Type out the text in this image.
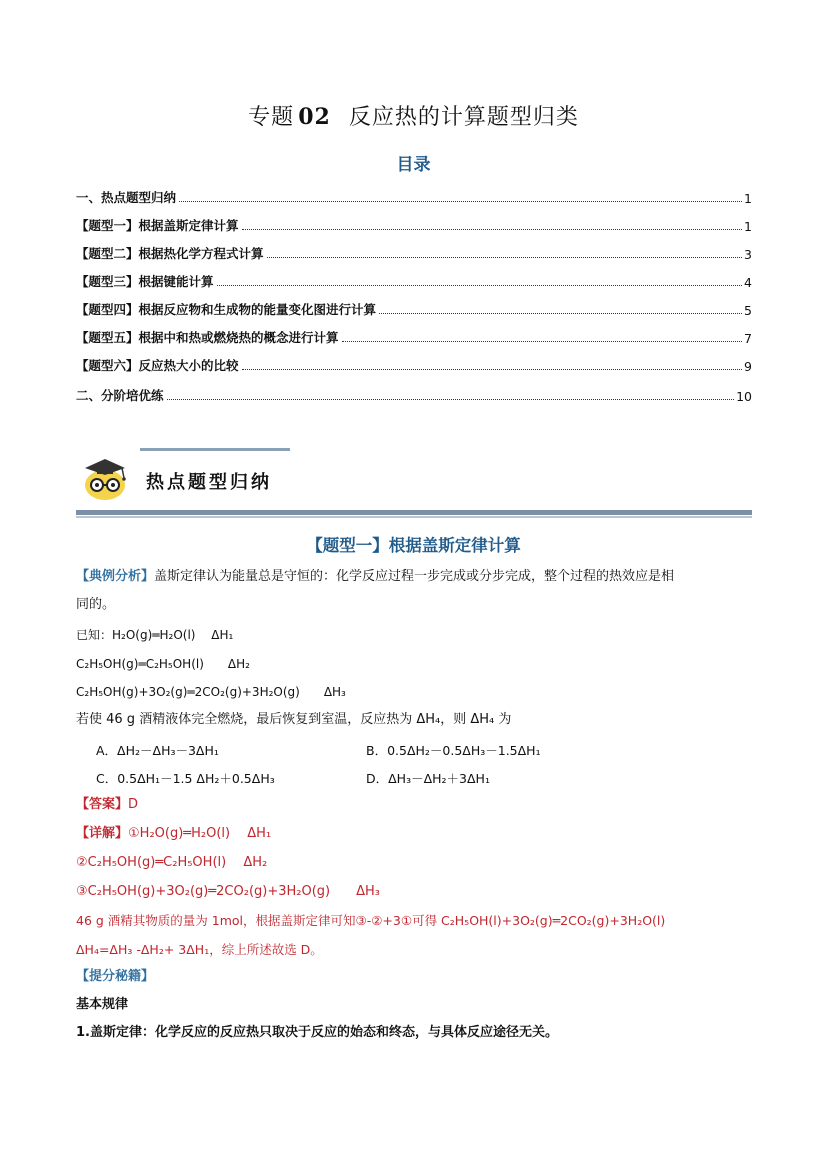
专题 02 反应热的计算题型归类
目录
一、热点题型归纳	1
【题型一】根据盖斯定律计算	1
【题型二】根据热化学方程式计算	3
【题型三】根据键能计算	4
【题型四】根据反应物和生成物的能量变化图进行计算	5
【题型五】根据中和热或燃烧热的概念进行计算	7
【题型六】反应热大小的比较	9
二、分阶培优练	10
热点题型归纳
【题型一】根据盖斯定律计算
【典例分析】盖斯定律认为能量总是守恒的：化学反应过程一步完成或分步完成，整个过程的热效应是相
同的。
已知：H₂O(g)═H₂O(l)　 ΔH₁
C₂H₅OH(g)═C₂H₅OH(l)　　ΔH₂
C₂H₅OH(g)+3O₂(g)═2CO₂(g)+3H₂O(g)　　ΔH₃
若使 46 g 酒精液体完全燃烧，最后恢复到室温，反应热为 ΔH₄，则 ΔH₄ 为
A．ΔH₂－ΔH₃－3ΔH₁	B．0.5ΔH₂－0.5ΔH₃－1.5ΔH₁
C．0.5ΔH₁－1.5 ΔH₂＋0.5ΔH₃	D．ΔH₃－ΔH₂＋3ΔH₁
【答案】D
【详解】①H₂O(g)═H₂O(l)　 ΔH₁
②C₂H₅OH(g)═C₂H₅OH(l)　 ΔH₂
③C₂H₅OH(g)+3O₂(g)═2CO₂(g)+3H₂O(g)　　ΔH₃
46 g 酒精其物质的量为 1mol，根据盖斯定律可知③-②+3①可得 C₂H₅OH(l)+3O₂(g)═2CO₂(g)+3H₂O(l)
ΔH₄=ΔH₃ -ΔH₂+ 3ΔH₁，综上所述故选 D。
【提分秘籍】
基本规律
1.盖斯定律：化学反应的反应热只取决于反应的始态和终态，与具体反应途径无关。
